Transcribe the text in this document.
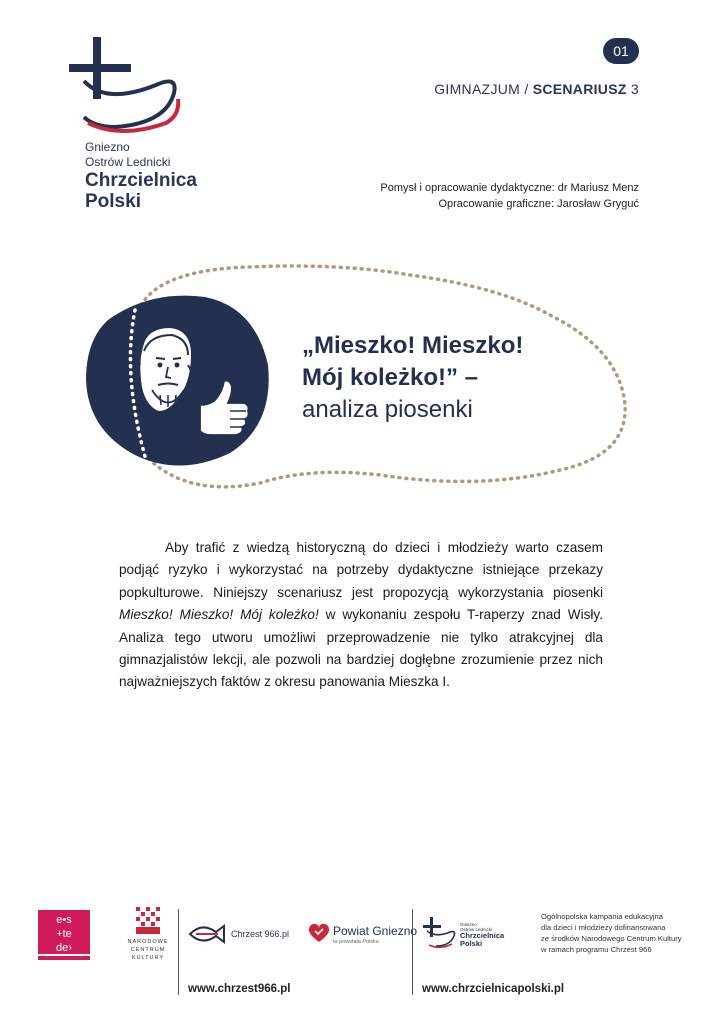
Gniezno
Ostrów Lednicki
Chrzcielnica
Polski
01
GIMNAZJUM / SCENARIUSZ 3
Pomysł i opracowanie dydaktyczne: dr Mariusz Menz
Opracowanie graficzne: Jarosław Gryguć
„Mieszko! Mieszko!
Mój koleżko!” –
analiza piosenki

Aby trafić z wiedzą historyczną do dzieci i młodzieży warto czasem podjąć ryzyko i wykorzystać na potrzeby dydaktyczne istniejące przekazy popkulturowe. Niniejszy scenariusz jest propozycją wykorzystania piosenki Mieszko! Mieszko! Mój koleżko! w wykonaniu zespołu T-raperzy znad Wisły. Analiza tego utworu umożliwi przeprowadzenie nie tylko atrakcyjnej dla gimnazjalistów lekcji, ale pozwoli na bardziej dogłębne zrozumienie przez nich najważniejszych faktów z okresu panowania Mieszka I.

e•s
+te
de›	NARODOWE CENTRUM KULTURY
Chrzest 966.pl	Powiat Gniezno
tu powstała Polska
Gniezno
Ostrów Lednicki
Chrzcielnica
Polski
Ogólnopolska kampania edukacyjna
dla dzieci i młodzieży dofinansowana
ze środków Narodowego Centrum Kultury
w ramach programu Chrzest 966
www.chrzest966.pl	www.chrzcielnicapolski.pl
